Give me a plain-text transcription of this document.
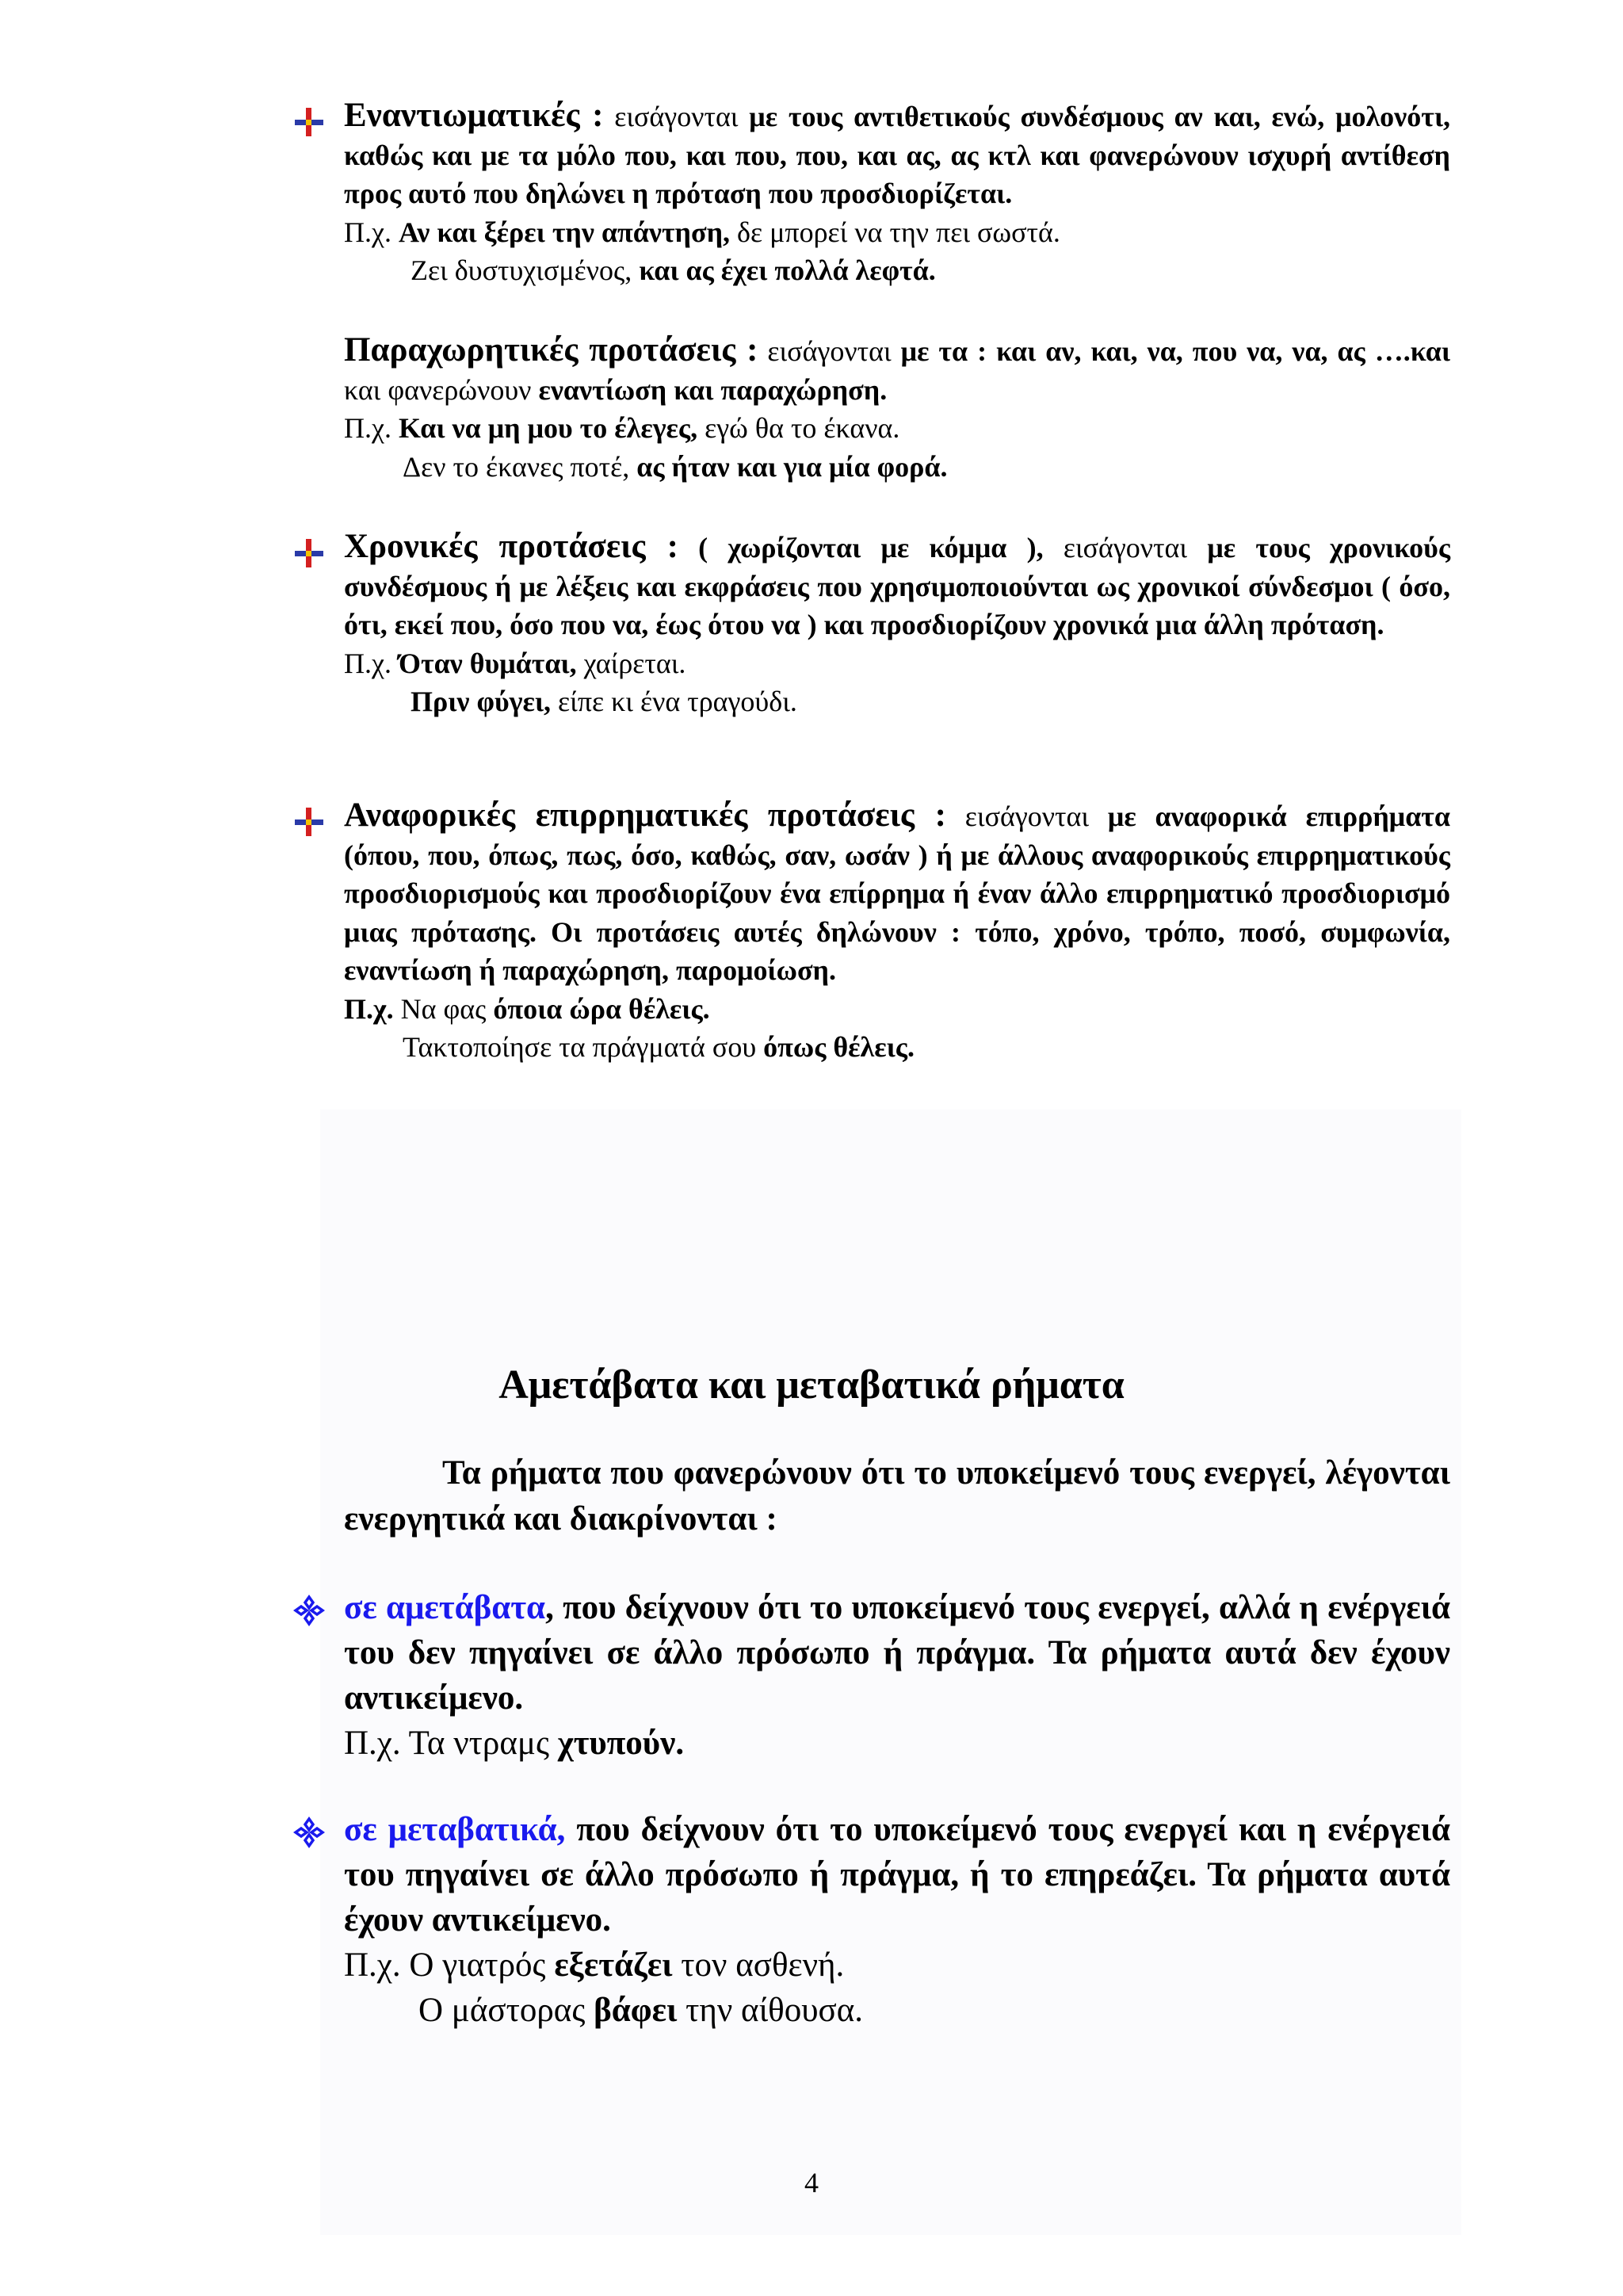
Εναντιωματικές : εισάγονται με τους αντιθετικούς συνδέσμους αν και, ενώ, μολονότι, καθώς και με τα μόλο που, και που, που, και ας, ας κτλ και φανερώνουν ισχυρή αντίθεση προς αυτό που δηλώνει η πρόταση που προσδιορίζεται.
Π.χ. Αν και ξέρει την απάντηση, δε μπορεί να την πει σωστά.
Ζει δυστυχισμένος, και ας έχει πολλά λεφτά.
Παραχωρητικές προτάσεις : εισάγονται με τα : και αν, και, να, που να, να, ας ….και και φανερώνουν εναντίωση και παραχώρηση.
Π.χ. Και να μη μου το έλεγες, εγώ θα το έκανα.
Δεν το έκανες ποτέ, ας ήταν και για μία φορά.
Χρονικές προτάσεις : ( χωρίζονται με κόμμα ), εισάγονται με τους χρονικούς συνδέσμους ή με λέξεις και εκφράσεις που χρησιμοποιούνται ως χρονικοί σύνδεσμοι ( όσο, ότι, εκεί που, όσο που να, έως ότου να ) και προσδιορίζουν χρονικά μια άλλη πρόταση.
Π.χ. Όταν θυμάται, χαίρεται.
Πριν φύγει, είπε κι ένα τραγούδι.
Αναφορικές επιρρηματικές προτάσεις : εισάγονται με αναφορικά επιρρήματα (όπου, που, όπως, πως, όσο, καθώς, σαν, ωσάν ) ή με άλλους αναφορικούς επιρρηματικούς προσδιορισμούς και προσδιορίζουν ένα επίρρημα ή έναν άλλο επιρρηματικό προσδιορισμό μιας πρότασης. Οι προτάσεις αυτές δηλώνουν : τόπο, χρόνο, τρόπο, ποσό, συμφωνία, εναντίωση ή παραχώρηση, παρομοίωση.
Π.χ. Να φας όποια ώρα θέλεις.
Τακτοποίησε τα πράγματά σου όπως θέλεις.
Αμετάβατα και μεταβατικά ρήματα
Τα ρήματα που φανερώνουν ότι το υποκείμενό τους ενεργεί, λέγονται ενεργητικά και διακρίνονται :
σε αμετάβατα, που δείχνουν ότι το υποκείμενό τους ενεργεί, αλλά η ενέργειά του δεν πηγαίνει σε άλλο πρόσωπο ή πράγμα. Τα ρήματα αυτά δεν έχουν αντικείμενο.
Π.χ. Τα ντραμς χτυπούν.
σε μεταβατικά, που δείχνουν ότι το υποκείμενό τους ενεργεί και η ενέργειά του πηγαίνει σε άλλο πρόσωπο ή πράγμα, ή το επηρεάζει. Τα ρήματα αυτά έχουν αντικείμενο.
Π.χ. Ο γιατρός εξετάζει τον ασθενή.
Ο μάστορας βάφει την αίθουσα.
4
